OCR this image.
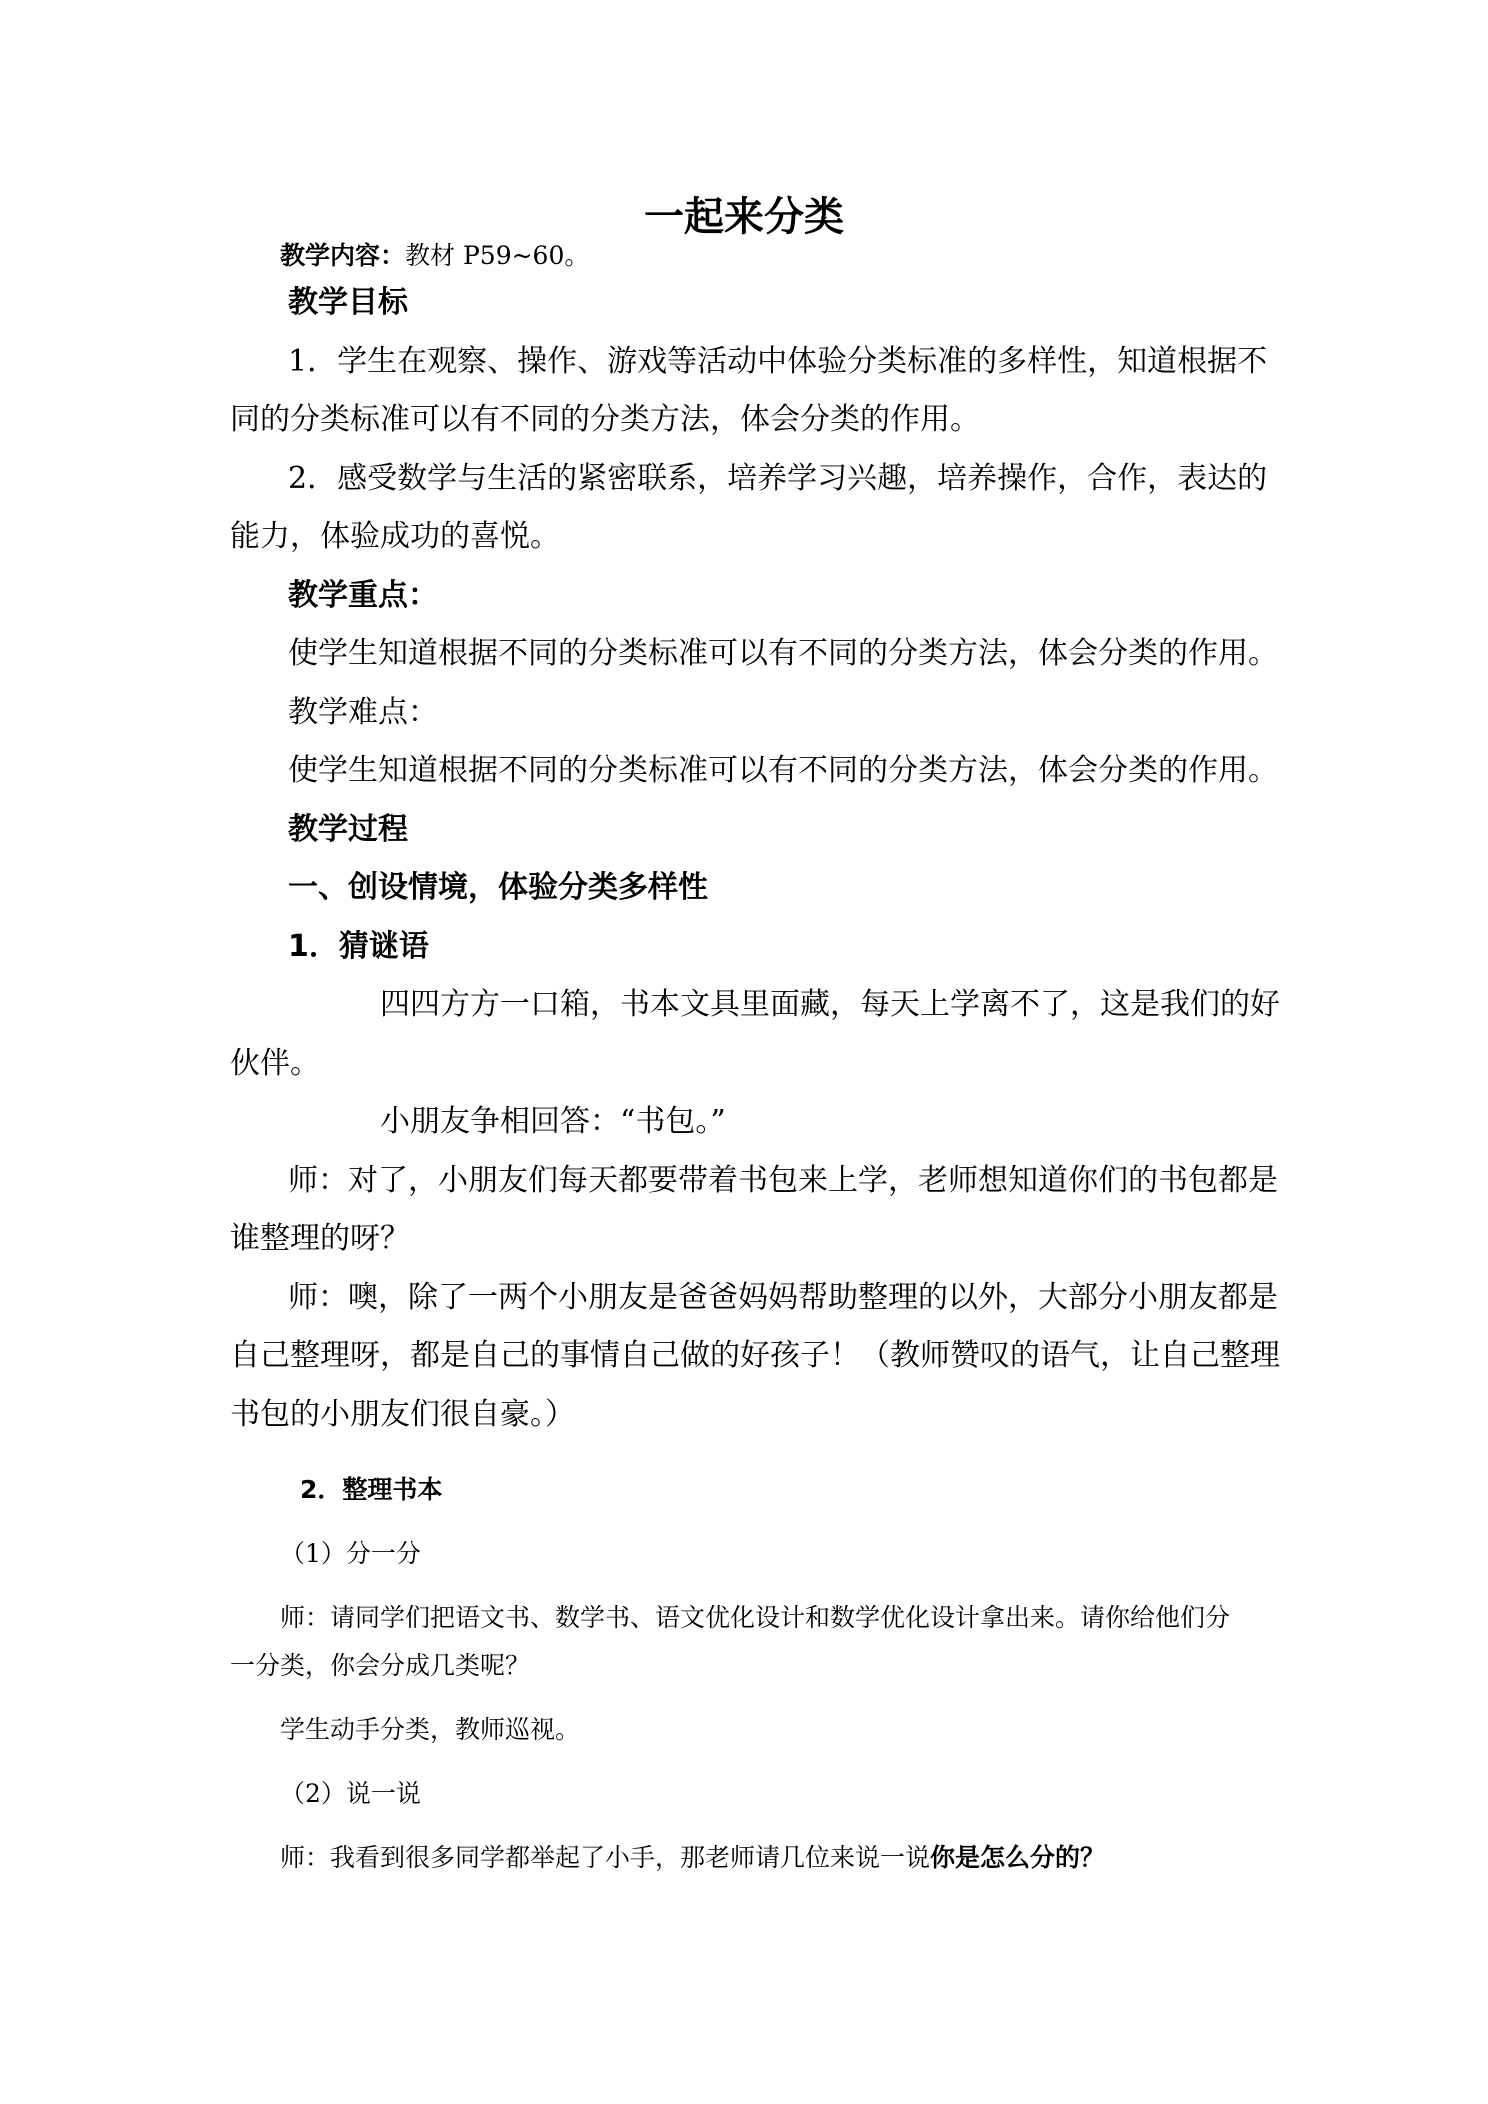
一起来分类

教学内容：教材 P59~60。

教学目标

1．学生在观察、操作、游戏等活动中体验分类标准的多样性，知道根据不

同的分类标准可以有不同的分类方法，体会分类的作用。

2．感受数学与生活的紧密联系，培养学习兴趣，培养操作，合作，表达的

能力，体验成功的喜悦。

教学重点：

使学生知道根据不同的分类标准可以有不同的分类方法，体会分类的作用。

教学难点：

使学生知道根据不同的分类标准可以有不同的分类方法，体会分类的作用。

教学过程

一、创设情境，体验分类多样性

1．猜谜语

四四方方一口箱，书本文具里面藏，每天上学离不了，这是我们的好

伙伴。

小朋友争相回答：“书包。”

师：对了，小朋友们每天都要带着书包来上学，老师想知道你们的书包都是

谁整理的呀？

师：噢，除了一两个小朋友是爸爸妈妈帮助整理的以外，大部分小朋友都是

自己整理呀，都是自己的事情自己做的好孩子！（教师赞叹的语气，让自己整理

书包的小朋友们很自豪。）

2．整理书本

（1）分一分

师：请同学们把语文书、数学书、语文优化设计和数学优化设计拿出来。请你给他们分

一分类，你会分成几类呢？

学生动手分类，教师巡视。

（2）说一说

师：我看到很多同学都举起了小手，那老师请几位来说一说你是怎么分的？
